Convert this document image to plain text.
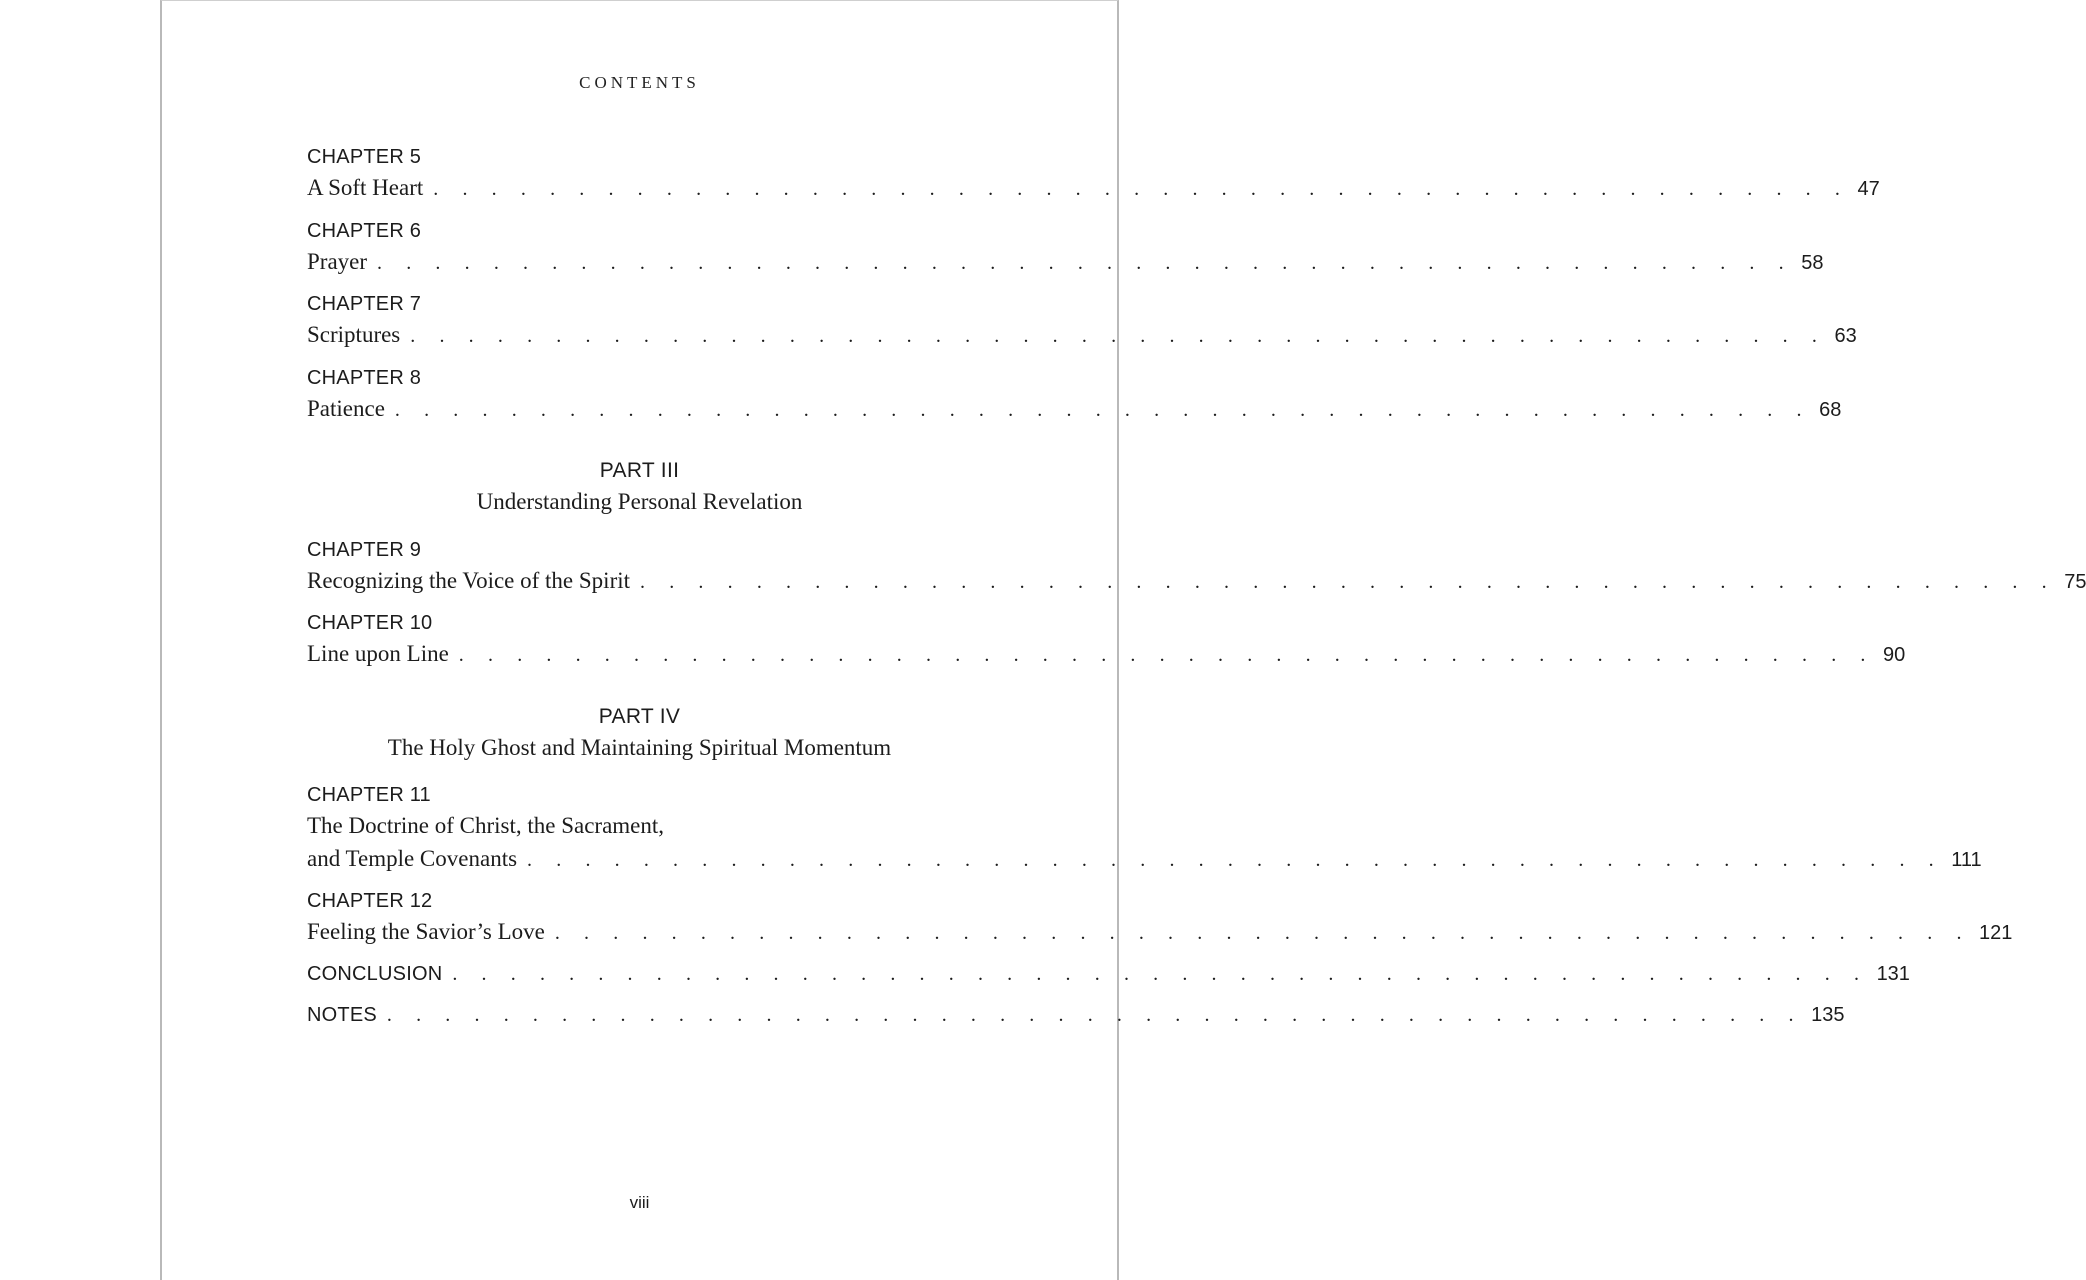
CONTENTS
CHAPTER 5
A Soft Heart . . . . . . . . . . . . . . . . . . . . . . . . . . . . . . . . . . . . . . . . . . . . . . . . . 47
CHAPTER 6
Prayer . . . . . . . . . . . . . . . . . . . . . . . . . . . . . . . . . . . . . . . . . . . . . . . . . 58
CHAPTER 7
Scriptures . . . . . . . . . . . . . . . . . . . . . . . . . . . . . . . . . . . . . . . . . . . . . . . . . 63
CHAPTER 8
Patience . . . . . . . . . . . . . . . . . . . . . . . . . . . . . . . . . . . . . . . . . . . . . . . . . 68
PART III
Understanding Personal Revelation
CHAPTER 9
Recognizing the Voice of the Spirit . . . . . . . . . . . . . . . . . . . . . . . . . . . . . . . . . . . . . . . . . . . . . . . . . 75
CHAPTER 10
Line upon Line . . . . . . . . . . . . . . . . . . . . . . . . . . . . . . . . . . . . . . . . . . . . . . . . . 90
PART IV
The Holy Ghost and Maintaining Spiritual Momentum
CHAPTER 11
The Doctrine of Christ, the Sacrament,
and Temple Covenants . . . . . . . . . . . . . . . . . . . . . . . . . . . . . . . . . . . . . . . . . . . . . . . . . 111
CHAPTER 12
Feeling the Savior’s Love . . . . . . . . . . . . . . . . . . . . . . . . . . . . . . . . . . . . . . . . . . . . . . . . . 121
CONCLUSION . . . . . . . . . . . . . . . . . . . . . . . . . . . . . . . . . . . . . . . . . . . . . . . . . 131
NOTES . . . . . . . . . . . . . . . . . . . . . . . . . . . . . . . . . . . . . . . . . . . . . . . . . 135
viii
